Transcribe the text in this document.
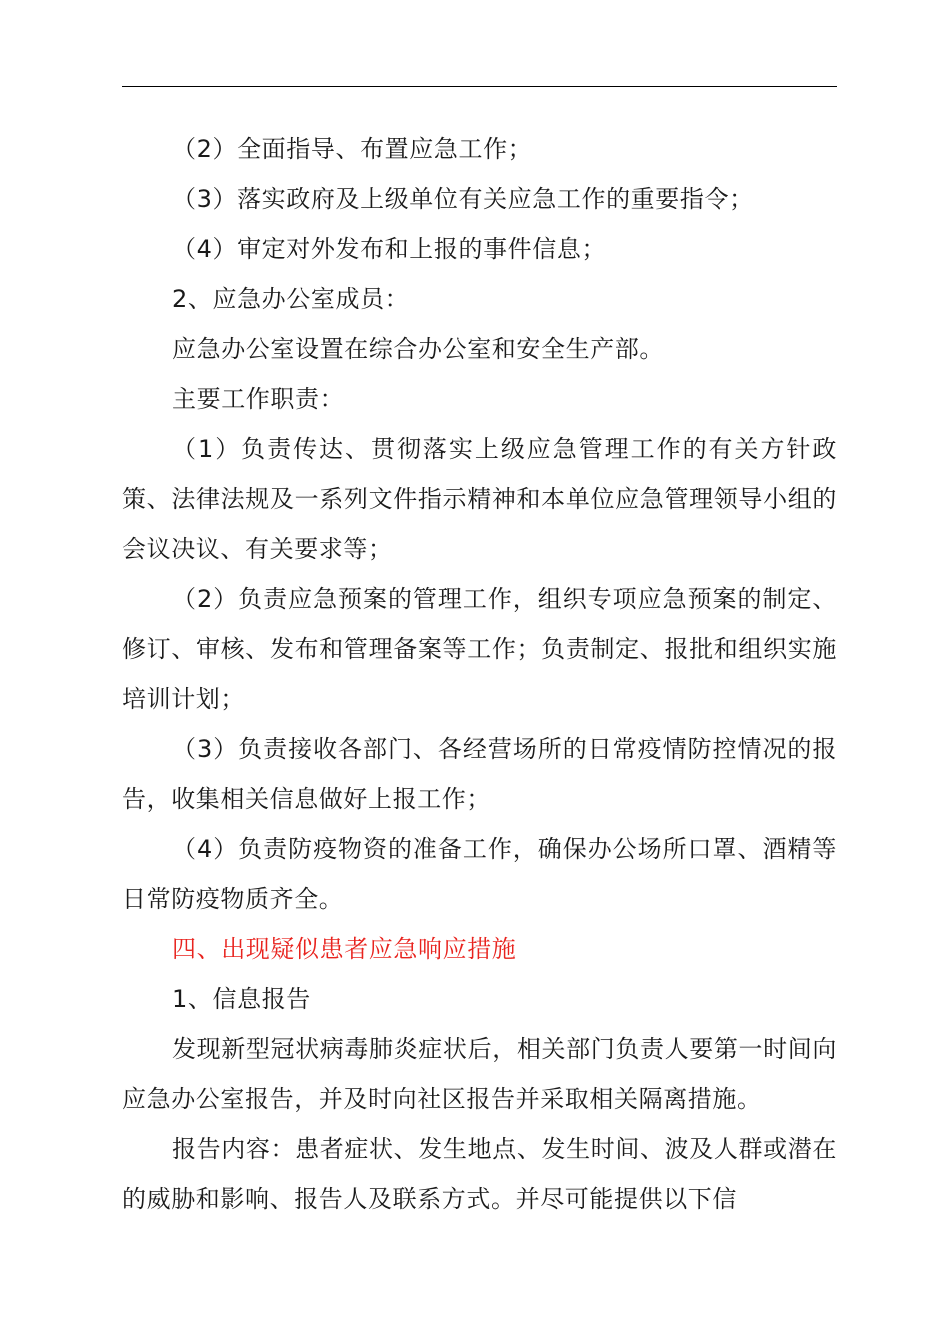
（2）全面指导、布置应急工作；

（3）落实政府及上级单位有关应急工作的重要指令；

（4）审定对外发布和上报的事件信息；

2、应急办公室成员：

应急办公室设置在综合办公室和安全生产部。

主要工作职责：

（1）负责传达、贯彻落实上级应急管理工作的有关方针政策、法律法规及一系列文件指示精神和本单位应急管理领导小组的会议决议、有关要求等；

（2）负责应急预案的管理工作，组织专项应急预案的制定、修订、审核、发布和管理备案等工作；负责制定、报批和组织实施培训计划；

（3）负责接收各部门、各经营场所的日常疫情防控情况的报告，收集相关信息做好上报工作；

（4）负责防疫物资的准备工作，确保办公场所口罩、酒精等日常防疫物质齐全。

四、出现疑似患者应急响应措施

1、信息报告

发现新型冠状病毒肺炎症状后，相关部门负责人要第一时间向应急办公室报告，并及时向社区报告并采取相关隔离措施。

报告内容：患者症状、发生地点、发生时间、波及人群或潜在的威胁和影响、报告人及联系方式。并尽可能提供以下信
